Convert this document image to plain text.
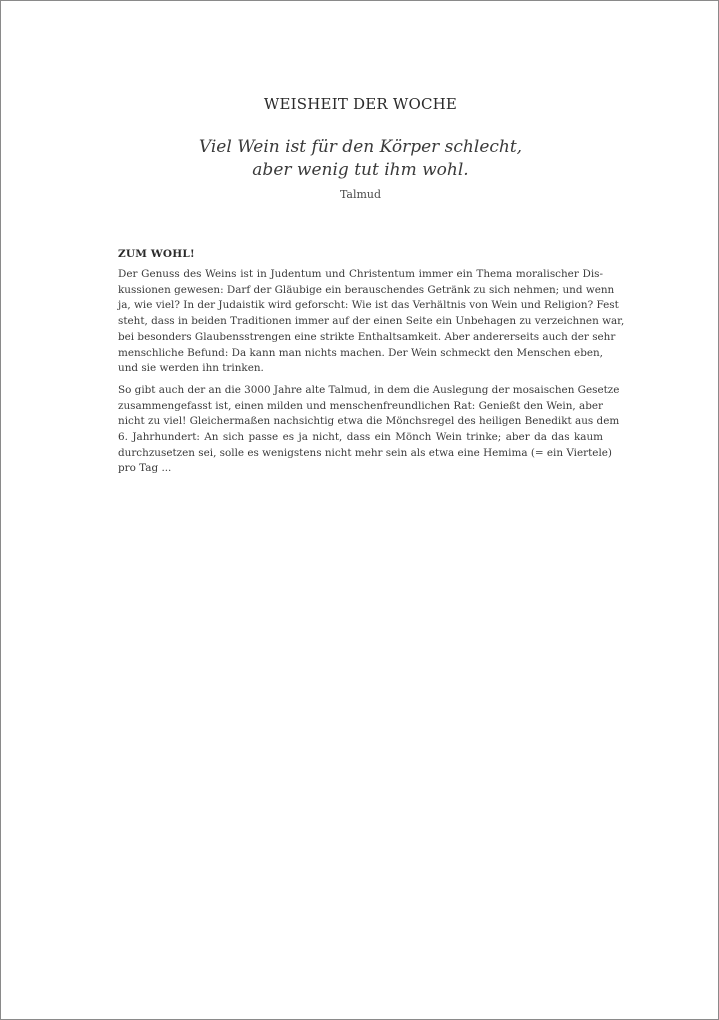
WEISHEIT DER WOCHE
Viel Wein ist für den Körper schlecht,
aber wenig tut ihm wohl.
Talmud
ZUM WOHL!

Der Genuss des Weins ist in Judentum und Christentum immer ein Thema moralischer Dis-
kussionen gewesen: Darf der Gläubige ein berauschendes Getränk zu sich nehmen; und wenn
ja, wie viel? In der Judaistik wird geforscht: Wie ist das Verhältnis von Wein und Religion? Fest
steht, dass in beiden Traditionen immer auf der einen Seite ein Unbehagen zu verzeichnen war,
bei besonders Glaubensstrengen eine strikte Enthaltsamkeit. Aber andererseits auch der sehr
menschliche Befund: Da kann man nichts machen. Der Wein schmeckt den Menschen eben,
und sie werden ihn trinken.

So gibt auch der an die 3000 Jahre alte Talmud, in dem die Auslegung der mosaischen Gesetze
zusammengefasst ist, einen milden und menschenfreundlichen Rat: Genießt den Wein, aber
nicht zu viel! Gleichermaßen nachsichtig etwa die Mönchsregel des heiligen Benedikt aus dem
6. Jahrhundert: An sich passe es ja nicht, dass ein Mönch Wein trinke; aber da das kaum
durchzusetzen sei, solle es wenigstens nicht mehr sein als etwa eine Hemima (= ein Viertele)
pro Tag ...
